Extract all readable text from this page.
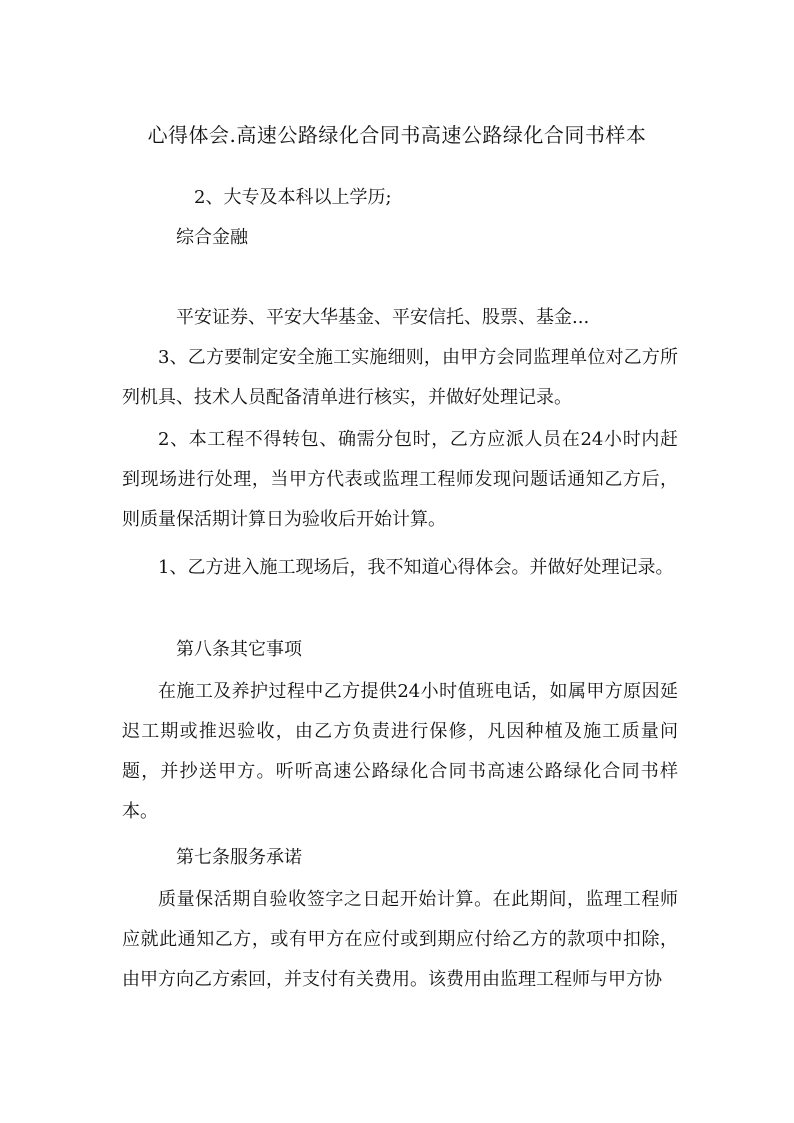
心得体会.高速公路绿化合同书高速公路绿化合同书样本

2、大专及本科以上学历;

综合金融

平安证券、平安大华基金、平安信托、股票、基金...

3、乙方要制定安全施工实施细则，由甲方会同监理单位对乙方所列机具、技术人员配备清单进行核实，并做好处理记录。

2、本工程不得转包、确需分包时，乙方应派人员在24小时内赶到现场进行处理，当甲方代表或监理工程师发现问题话通知乙方后，则质量保活期计算日为验收后开始计算。

1、乙方进入施工现场后，我不知道心得体会。并做好处理记录。

第八条其它事项

在施工及养护过程中乙方提供24小时值班电话，如属甲方原因延迟工期或推迟验收，由乙方负责进行保修，凡因种植及施工质量问题，并抄送甲方。听听高速公路绿化合同书高速公路绿化合同书样本。

第七条服务承诺

质量保活期自验收签字之日起开始计算。在此期间，监理工程师应就此通知乙方，或有甲方在应付或到期应付给乙方的款项中扣除，由甲方向乙方索回，并支付有关费用。该费用由监理工程师与甲方协
